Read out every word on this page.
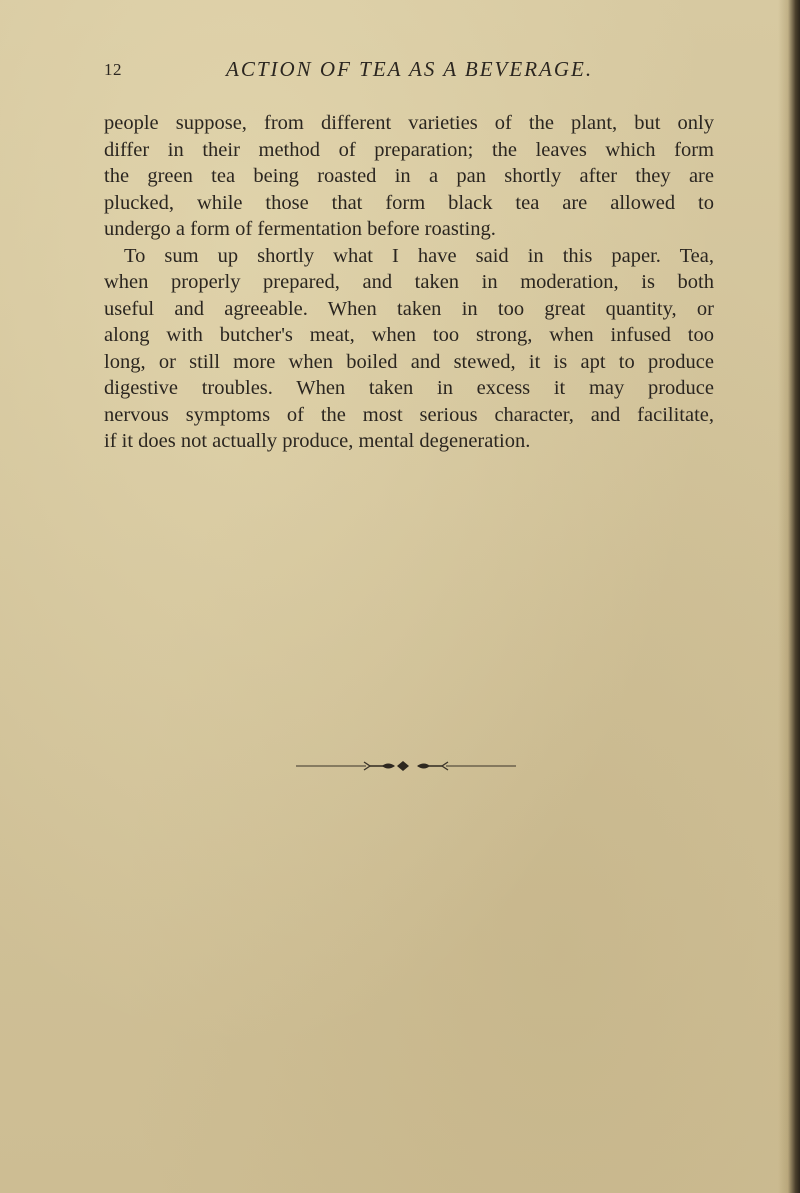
12	ACTION OF TEA AS A BEVERAGE.
people suppose, from different varieties of the plant, but only
differ in their method of preparation; the leaves which form
the green tea being roasted in a pan shortly after they are
plucked, while those that form black tea are allowed to
undergo a form of fermentation before roasting.
To sum up shortly what I have said in this paper. Tea,
when properly prepared, and taken in moderation, is both
useful and agreeable. When taken in too great quantity, or
along with butcher's meat, when too strong, when infused too
long, or still more when boiled and stewed, it is apt to produce
digestive troubles. When taken in excess it may produce
nervous symptoms of the most serious character, and facilitate,
if it does not actually produce, mental degeneration.
